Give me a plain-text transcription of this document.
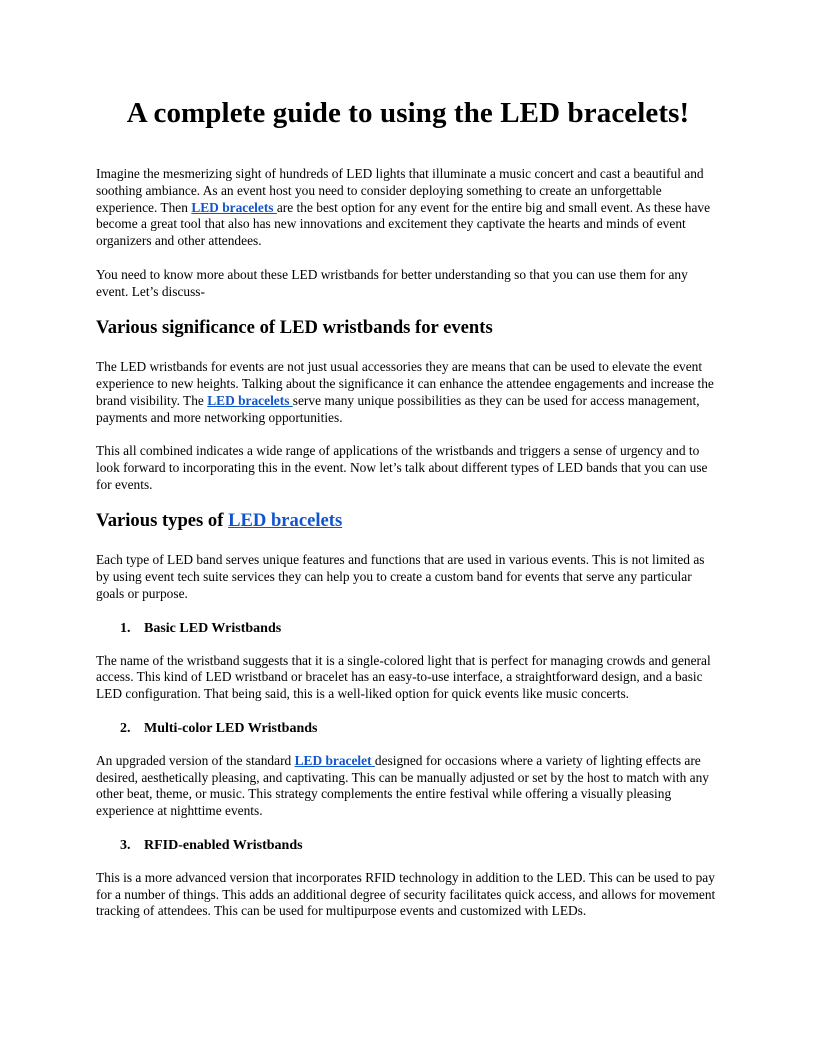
A complete guide to using the LED bracelets!

Imagine the mesmerizing sight of hundreds of LED lights that illuminate a music concert and cast a beautiful and soothing ambiance. As an event host you need to consider deploying something to create an unforgettable experience. Then LED bracelets are the best option for any event for the entire big and small event. As these have become a great tool that also has new innovations and excitement they captivate the hearts and minds of event organizers and other attendees.

You need to know more about these LED wristbands for better understanding so that you can use them for any event. Let’s discuss-

Various significance of LED wristbands for events

The LED wristbands for events are not just usual accessories they are means that can be used to elevate the event experience to new heights. Talking about the significance it can enhance the attendee engagements and increase the brand visibility. The LED bracelets serve many unique possibilities as they can be used for access management, payments and more networking opportunities.

This all combined indicates a wide range of applications of the wristbands and triggers a sense of urgency and to look forward to incorporating this in the event. Now let’s talk about different types of LED bands that you can use for events.

Various types of LED bracelets

Each type of LED band serves unique features and functions that are used in various events. This is not limited as by using event tech suite services they can help you to create a custom band for events that serve any particular goals or purpose.

1. Basic LED Wristbands

The name of the wristband suggests that it is a single-colored light that is perfect for managing crowds and general access. This kind of LED wristband or bracelet has an easy-to-use interface, a straightforward design, and a basic LED configuration. That being said, this is a well-liked option for quick events like music concerts.

2. Multi-color LED Wristbands

An upgraded version of the standard LED bracelet designed for occasions where a variety of lighting effects are desired, aesthetically pleasing, and captivating. This can be manually adjusted or set by the host to match with any other beat, theme, or music. This strategy complements the entire festival while offering a visually pleasing experience at nighttime events.

3. RFID-enabled Wristbands

This is a more advanced version that incorporates RFID technology in addition to the LED. This can be used to pay for a number of things. This adds an additional degree of security facilitates quick access, and allows for movement tracking of attendees. This can be used for multipurpose events and customized with LEDs.
